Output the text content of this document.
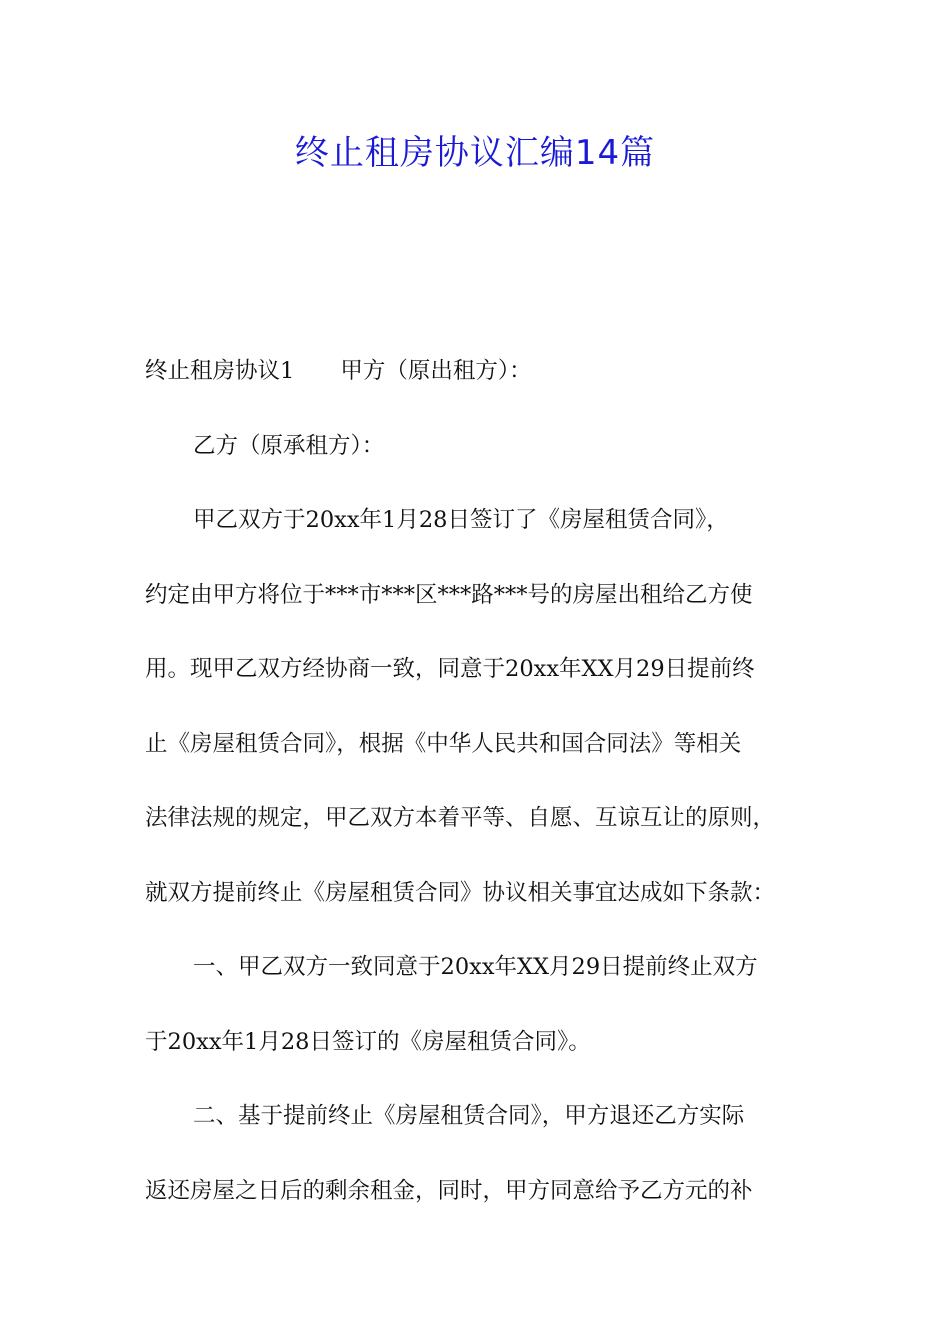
终止租房协议汇编14篇
终止租房协议1 甲方（原出租方）：
乙方（原承租方）：
甲乙双方于20xx年1月28日签订了《房屋租赁合同》，
约定由甲方将位于***市***区***路***号的房屋出租给乙方使
用。现甲乙双方经协商一致，同意于20xx年XX月29日提前终
止《房屋租赁合同》，根据《中华人民共和国合同法》等相关
法律法规的规定，甲乙双方本着平等、自愿、互谅互让的原则，
就双方提前终止《房屋租赁合同》协议相关事宜达成如下条款：
一、甲乙双方一致同意于20xx年XX月29日提前终止双方
于20xx年1月28日签订的《房屋租赁合同》。
二、基于提前终止《房屋租赁合同》，甲方退还乙方实际
返还房屋之日后的剩余租金，同时，甲方同意给予乙方元的补
